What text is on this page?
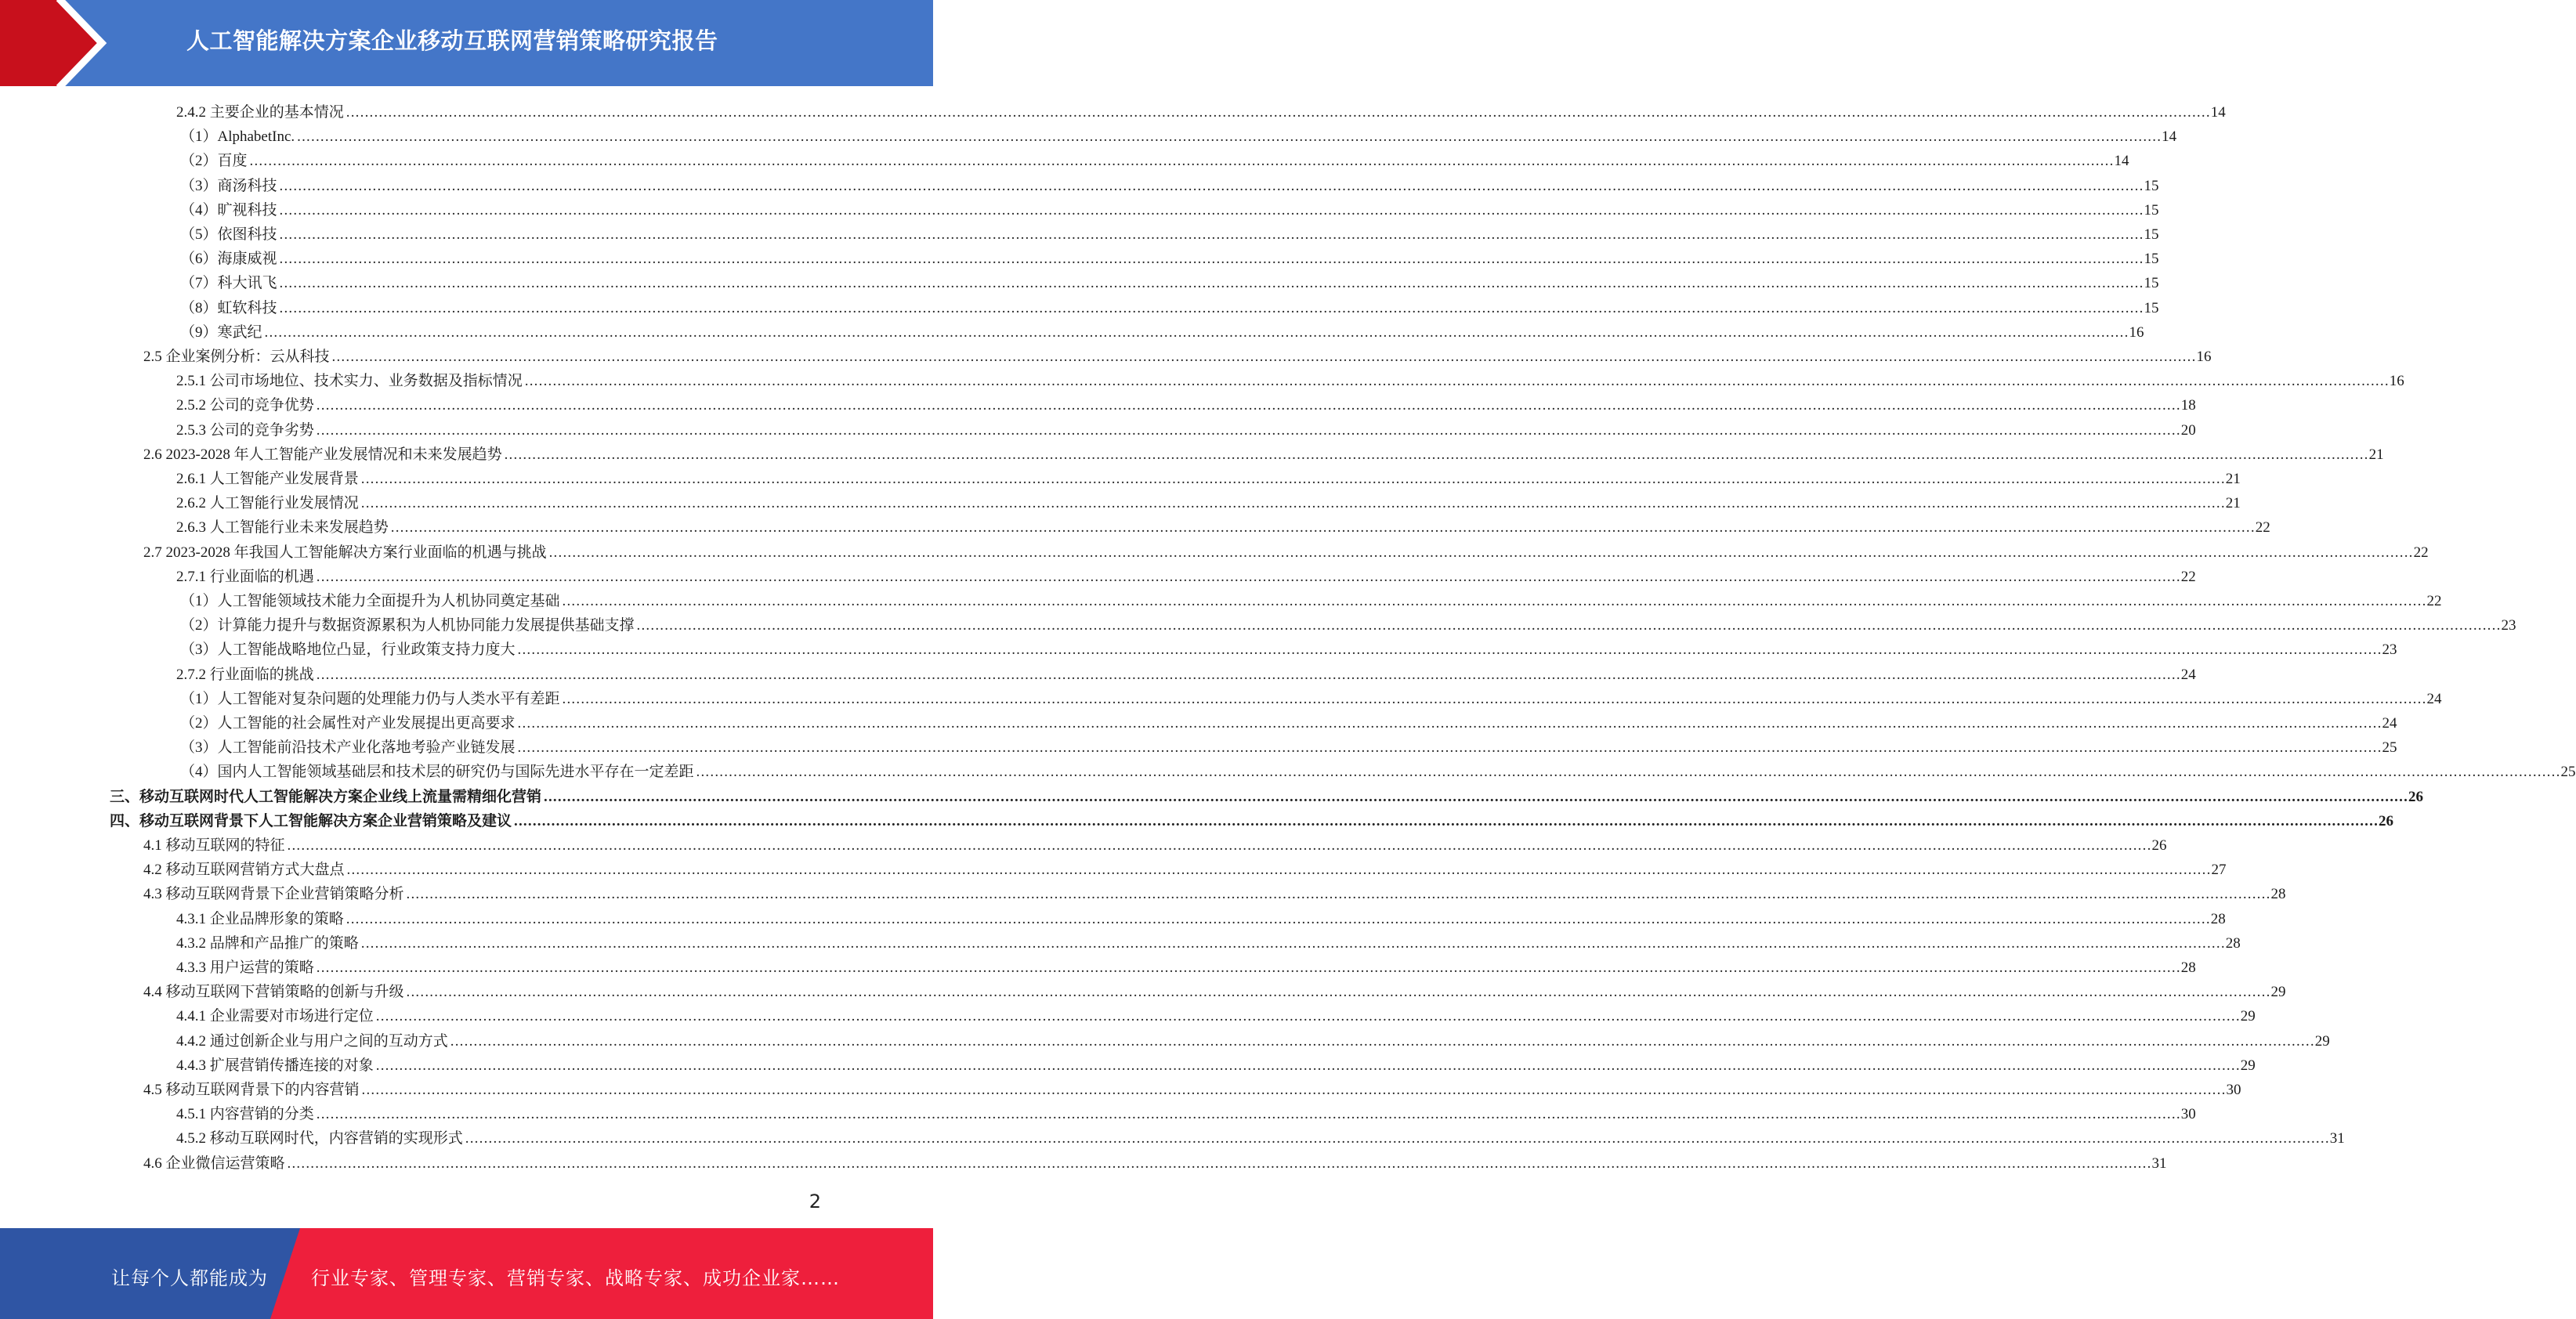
人工智能解决方案企业移动互联网营销策略研究报告
2.4.2 主要企业的基本情况 ................................................................................................................................................................................................................................................................................................................................................................................................................ 14
（1）AlphabetInc. ................................................................................................................................................................................................................................................................................................................................................................................................................ 14
（2）百度 ................................................................................................................................................................................................................................................................................................................................................................................................................ 14
（3）商汤科技 ................................................................................................................................................................................................................................................................................................................................................................................................................ 15
（4）旷视科技 ................................................................................................................................................................................................................................................................................................................................................................................................................ 15
（5）依图科技 ................................................................................................................................................................................................................................................................................................................................................................................................................ 15
（6）海康威视 ................................................................................................................................................................................................................................................................................................................................................................................................................ 15
（7）科大讯飞 ................................................................................................................................................................................................................................................................................................................................................................................................................ 15
（8）虹软科技 ................................................................................................................................................................................................................................................................................................................................................................................................................ 15
（9）寒武纪 ................................................................................................................................................................................................................................................................................................................................................................................................................ 16
2.5 企业案例分析：云从科技 ................................................................................................................................................................................................................................................................................................................................................................................................................ 16
2.5.1 公司市场地位、技术实力、业务数据及指标情况 ................................................................................................................................................................................................................................................................................................................................................................................................................ 16
2.5.2 公司的竞争优势 ................................................................................................................................................................................................................................................................................................................................................................................................................ 18
2.5.3 公司的竞争劣势 ................................................................................................................................................................................................................................................................................................................................................................................................................ 20
2.6 2023-2028 年人工智能产业发展情况和未来发展趋势 ................................................................................................................................................................................................................................................................................................................................................................................................................ 21
2.6.1 人工智能产业发展背景 ................................................................................................................................................................................................................................................................................................................................................................................................................ 21
2.6.2 人工智能行业发展情况 ................................................................................................................................................................................................................................................................................................................................................................................................................ 21
2.6.3 人工智能行业未来发展趋势 ................................................................................................................................................................................................................................................................................................................................................................................................................ 22
2.7 2023-2028 年我国人工智能解决方案行业面临的机遇与挑战 ................................................................................................................................................................................................................................................................................................................................................................................................................ 22
2.7.1 行业面临的机遇 ................................................................................................................................................................................................................................................................................................................................................................................................................ 22
（1）人工智能领域技术能力全面提升为人机协同奠定基础 ................................................................................................................................................................................................................................................................................................................................................................................................................ 22
（2）计算能力提升与数据资源累积为人机协同能力发展提供基础支撑 ................................................................................................................................................................................................................................................................................................................................................................................................................ 23
（3）人工智能战略地位凸显，行业政策支持力度大 ................................................................................................................................................................................................................................................................................................................................................................................................................ 23
2.7.2 行业面临的挑战 ................................................................................................................................................................................................................................................................................................................................................................................................................ 24
（1）人工智能对复杂问题的处理能力仍与人类水平有差距 ................................................................................................................................................................................................................................................................................................................................................................................................................ 24
（2）人工智能的社会属性对产业发展提出更高要求 ................................................................................................................................................................................................................................................................................................................................................................................................................ 24
（3）人工智能前沿技术产业化落地考验产业链发展 ................................................................................................................................................................................................................................................................................................................................................................................................................ 25
（4）国内人工智能领域基础层和技术层的研究仍与国际先进水平存在一定差距 ................................................................................................................................................................................................................................................................................................................................................................................................................ 25
三、移动互联网时代人工智能解决方案企业线上流量需精细化营销 ................................................................................................................................................................................................................................................................................................................................................................................................................ 26
四、移动互联网背景下人工智能解决方案企业营销策略及建议 ................................................................................................................................................................................................................................................................................................................................................................................................................ 26
4.1 移动互联网的特征 ................................................................................................................................................................................................................................................................................................................................................................................................................ 26
4.2 移动互联网营销方式大盘点 ................................................................................................................................................................................................................................................................................................................................................................................................................ 27
4.3 移动互联网背景下企业营销策略分析 ................................................................................................................................................................................................................................................................................................................................................................................................................ 28
4.3.1 企业品牌形象的策略 ................................................................................................................................................................................................................................................................................................................................................................................................................ 28
4.3.2 品牌和产品推广的策略 ................................................................................................................................................................................................................................................................................................................................................................................................................ 28
4.3.3 用户运营的策略 ................................................................................................................................................................................................................................................................................................................................................................................................................ 28
4.4 移动互联网下营销策略的创新与升级 ................................................................................................................................................................................................................................................................................................................................................................................................................ 29
4.4.1 企业需要对市场进行定位 ................................................................................................................................................................................................................................................................................................................................................................................................................ 29
4.4.2 通过创新企业与用户之间的互动方式 ................................................................................................................................................................................................................................................................................................................................................................................................................ 29
4.4.3 扩展营销传播连接的对象 ................................................................................................................................................................................................................................................................................................................................................................................................................ 29
4.5 移动互联网背景下的内容营销 ................................................................................................................................................................................................................................................................................................................................................................................................................ 30
4.5.1 内容营销的分类 ................................................................................................................................................................................................................................................................................................................................................................................................................ 30
4.5.2 移动互联网时代，内容营销的实现形式 ................................................................................................................................................................................................................................................................................................................................................................................................................ 31
4.6 企业微信运营策略 ................................................................................................................................................................................................................................................................................................................................................................................................................ 31
2
让每个人都能成为 行业专家、管理专家、营销专家、战略专家、成功企业家……
